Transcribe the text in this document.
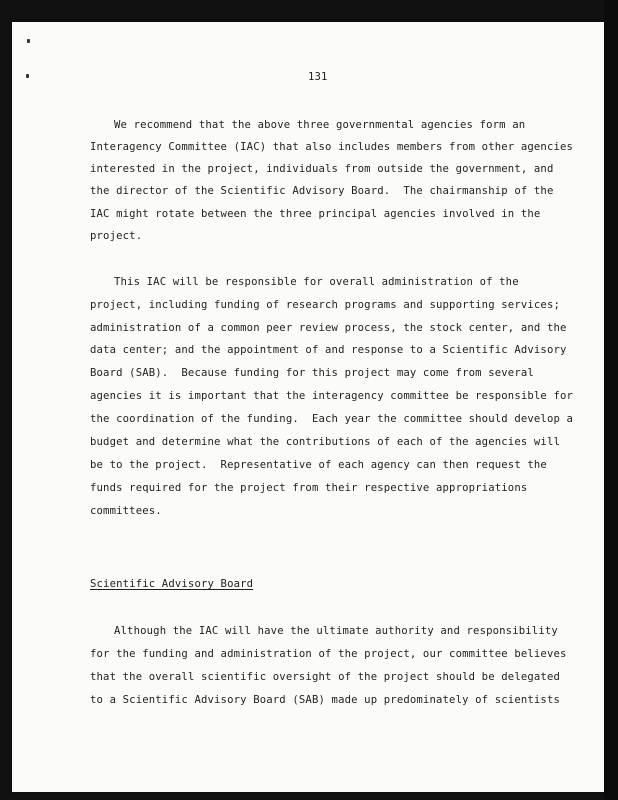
131
We recommend that the above three governmental agencies form an
Interagency Committee (IAC) that also includes members from other agencies
interested in the project, individuals from outside the government, and
the director of the Scientific Advisory Board.  The chairmanship of the
IAC might rotate between the three principal agencies involved in the
project.
This IAC will be responsible for overall administration of the
project, including funding of research programs and supporting services;
administration of a common peer review process, the stock center, and the
data center; and the appointment of and response to a Scientific Advisory
Board (SAB).  Because funding for this project may come from several
agencies it is important that the interagency committee be responsible for
the coordination of the funding.  Each year the committee should develop a
budget and determine what the contributions of each of the agencies will
be to the project.  Representative of each agency can then request the
funds required for the project from their respective appropriations
committees.
Scientific Advisory Board
Although the IAC will have the ultimate authority and responsibility
for the funding and administration of the project, our committee believes
that the overall scientific oversight of the project should be delegated
to a Scientific Advisory Board (SAB) made up predominately of scientists
